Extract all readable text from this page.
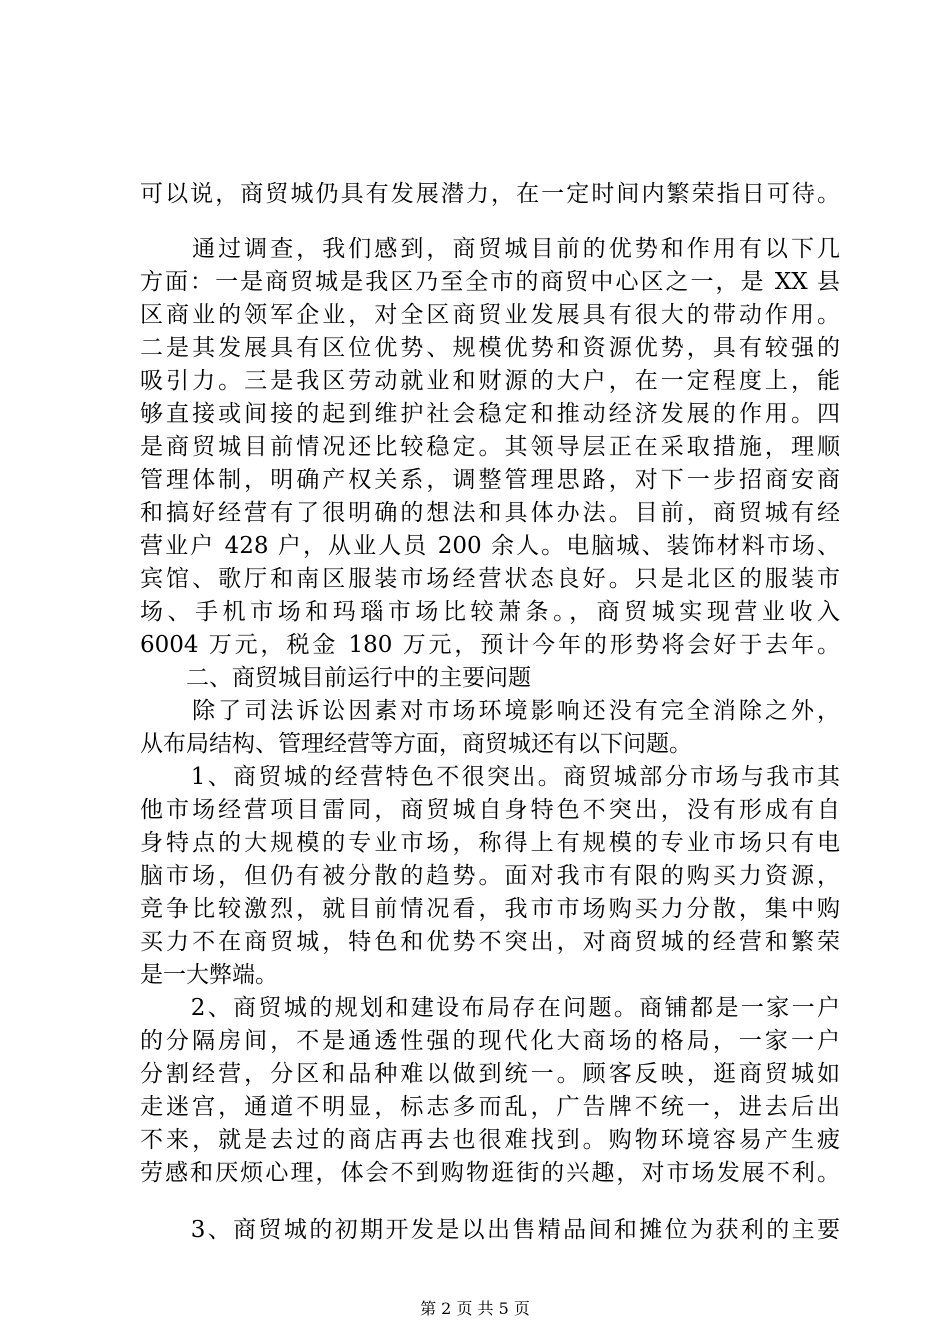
可以说，商贸城仍具有发展潜力，在一定时间内繁荣指日可待。
　　通过调查，我们感到，商贸城目前的优势和作用有以下几
方面：一是商贸城是我区乃至全市的商贸中心区之一，是 XX 县
区商业的领军企业，对全区商贸业发展具有很大的带动作用。
二是其发展具有区位优势、规模优势和资源优势，具有较强的
吸引力。三是我区劳动就业和财源的大户，在一定程度上，能
够直接或间接的起到维护社会稳定和推动经济发展的作用。四
是商贸城目前情况还比较稳定。其领导层正在采取措施，理顺
管理体制，明确产权关系，调整管理思路，对下一步招商安商
和搞好经营有了很明确的想法和具体办法。目前，商贸城有经
营业户 428 户，从业人员 200 余人。电脑城、装饰材料市场、
宾馆、歌厅和南区服装市场经营状态良好。只是北区的服装市
场、手机市场和玛瑙市场比较萧条。，商贸城实现营业收入
6004 万元，税金 180 万元，预计今年的形势将会好于去年。
　　二、商贸城目前运行中的主要问题
　　除了司法诉讼因素对市场环境影响还没有完全消除之外，
从布局结构、管理经营等方面，商贸城还有以下问题。
　　1、商贸城的经营特色不很突出。商贸城部分市场与我市其
他市场经营项目雷同，商贸城自身特色不突出，没有形成有自
身特点的大规模的专业市场，称得上有规模的专业市场只有电
脑市场，但仍有被分散的趋势。面对我市有限的购买力资源，
竞争比较激烈，就目前情况看，我市市场购买力分散，集中购
买力不在商贸城，特色和优势不突出，对商贸城的经营和繁荣
是一大弊端。
　　2、商贸城的规划和建设布局存在问题。商铺都是一家一户
的分隔房间，不是通透性强的现代化大商场的格局，一家一户
分割经营，分区和品种难以做到统一。顾客反映，逛商贸城如
走迷宫，通道不明显，标志多而乱，广告牌不统一，进去后出
不来，就是去过的商店再去也很难找到。购物环境容易产生疲
劳感和厌烦心理，体会不到购物逛街的兴趣，对市场发展不利。
　　3、商贸城的初期开发是以出售精品间和摊位为获利的主要
第 2 页 共 5 页
